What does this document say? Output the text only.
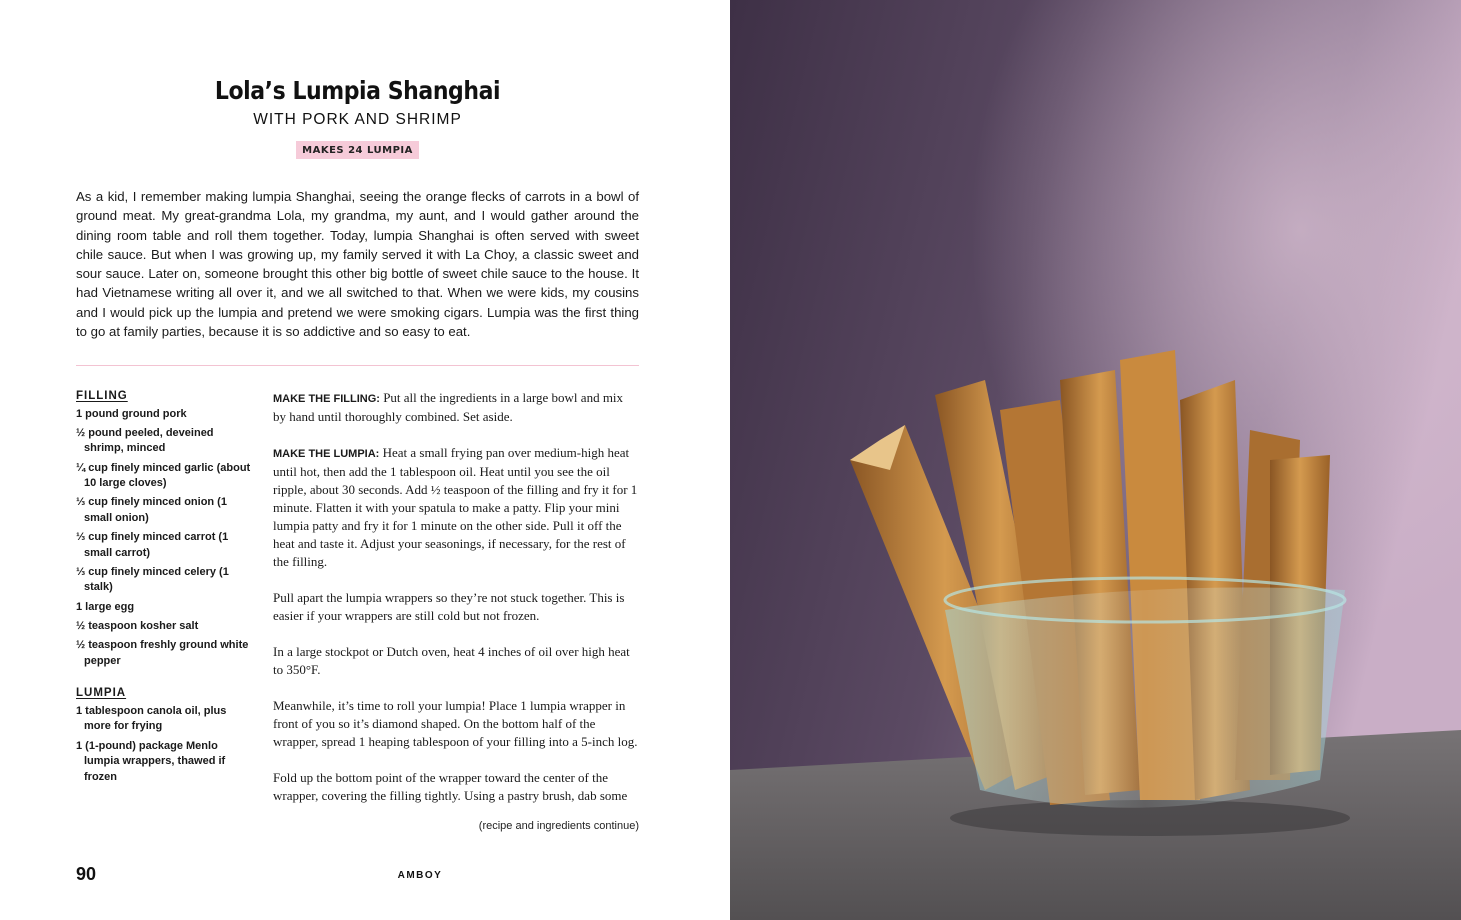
Lola’s Lumpia Shanghai
WITH PORK AND SHRIMP
MAKES 24 LUMPIA

As a kid, I remember making lumpia Shanghai, seeing the orange flecks of carrots in a bowl of ground meat. My great-grandma Lola, my grandma, my aunt, and I would gather around the dining room table and roll them together. Today, lumpia Shanghai is often served with sweet chile sauce. But when I was growing up, my family served it with La Choy, a classic sweet and sour sauce. Later on, someone brought this other big bottle of sweet chile sauce to the house. It had Vietnamese writing all over it, and we all switched to that. When we were kids, my cousins and I would pick up the lumpia and pretend we were smoking cigars. Lumpia was the first thing to go at family parties, because it is so addictive and so easy to eat.

FILLING
1 pound ground pork
½ pound peeled, deveined shrimp, minced
¼ cup finely minced garlic (about 10 large cloves)
⅓ cup finely minced onion (1 small onion)
⅓ cup finely minced carrot (1 small carrot)
⅓ cup finely minced celery (1 stalk)
1 large egg
½ teaspoon kosher salt
½ teaspoon freshly ground white pepper
LUMPIA
1 tablespoon canola oil, plus more for frying
1 (1-pound) package Menlo lumpia wrappers, thawed if frozen

MAKE THE FILLING: Put all the ingredients in a large bowl and mix by hand until thoroughly combined. Set aside.

MAKE THE LUMPIA: Heat a small frying pan over medium-high heat until hot, then add the 1 tablespoon oil. Heat until you see the oil ripple, about 30 seconds. Add ½ teaspoon of the filling and fry it for 1 minute. Flatten it with your spatula to make a patty. Flip your mini lumpia patty and fry it for 1 minute on the other side. Pull it off the heat and taste it. Adjust your seasonings, if necessary, for the rest of the filling.

Pull apart the lumpia wrappers so they’re not stuck together. This is easier if your wrappers are still cold but not frozen.

In a large stockpot or Dutch oven, heat 4 inches of oil over high heat to 350°F.

Meanwhile, it’s time to roll your lumpia! Place 1 lumpia wrapper in front of you so it’s diamond shaped. On the bottom half of the wrapper, spread 1 heaping tablespoon of your filling into a 5-inch log.

Fold up the bottom point of the wrapper toward the center of the wrapper, covering the filling tightly. Using a pastry brush, dab some

(recipe and ingredients continue)
90	AMBOY
